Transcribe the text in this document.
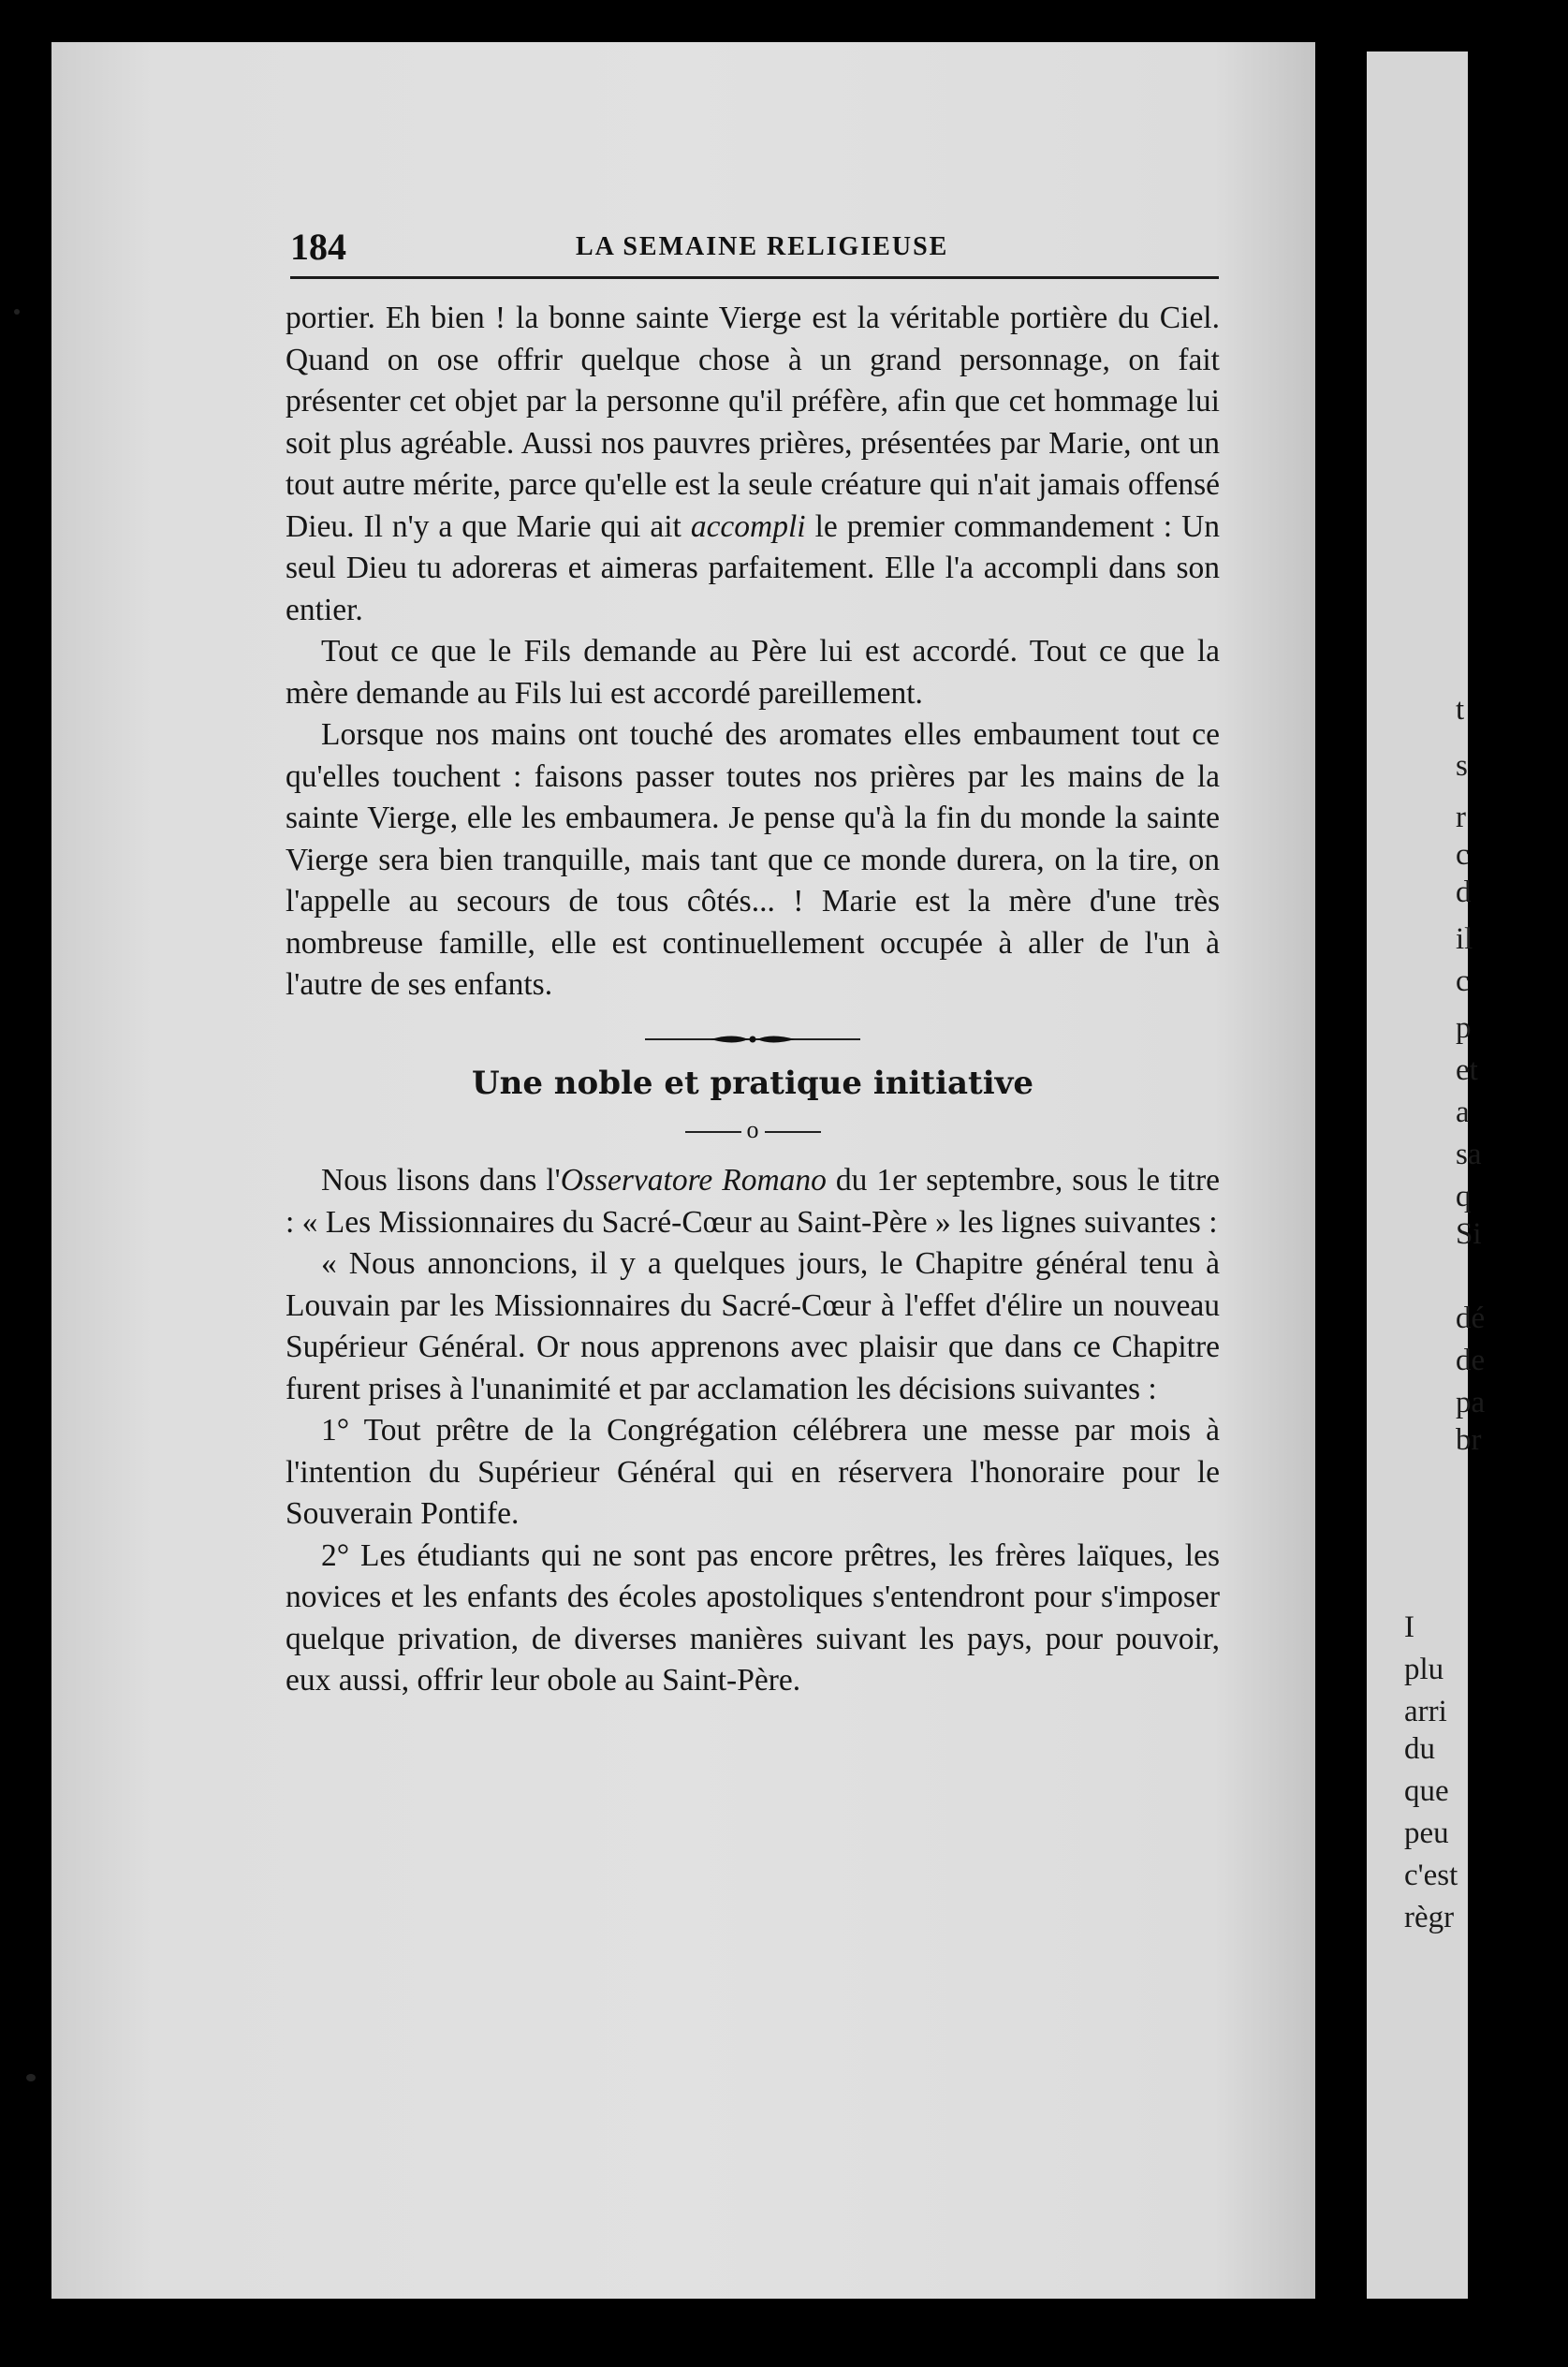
t
s
r
c
d
il
c
p
et
a
sa
q
Si
dé
de
pa
br
I
plu
arri
du
que
peu
c'est
règr
184	LA SEMAINE RELIGIEUSE

portier. Eh bien ! la bonne sainte Vierge est la véritable portière du Ciel. Quand on ose offrir quelque chose à un grand personnage, on fait présenter cet objet par la personne qu'il préfère, afin que cet hommage lui soit plus agréable. Aussi nos pauvres prières, présentées par Marie, ont un tout autre mérite, parce qu'elle est la seule créature qui n'ait jamais offensé Dieu. Il n'y a que Marie qui ait accompli le premier commandement : Un seul Dieu tu adoreras et aimeras parfaitement. Elle l'a accompli dans son entier.

Tout ce que le Fils demande au Père lui est accordé. Tout ce que la mère demande au Fils lui est accordé pareillement.

Lorsque nos mains ont touché des aromates elles embaument tout ce qu'elles touchent : faisons passer toutes nos prières par les mains de la sainte Vierge, elle les embaumera. Je pense qu'à la fin du monde la sainte Vierge sera bien tranquille, mais tant que ce monde durera, on la tire, on l'appelle au secours de tous côtés... ! Marie est la mère d'une très nombreuse famille, elle est continuellement occupée à aller de l'un à l'autre de ses enfants.

Une noble et pratique initiative
o

Nous lisons dans l'Osservatore Romano du 1er septembre, sous le titre : « Les Missionnaires du Sacré-Cœur au Saint-Père » les lignes suivantes :

« Nous annoncions, il y a quelques jours, le Chapitre général tenu à Louvain par les Missionnaires du Sacré-Cœur à l'effet d'élire un nouveau Supérieur Général. Or nous apprenons avec plaisir que dans ce Chapitre furent prises à l'unanimité et par acclamation les décisions suivantes :

1° Tout prêtre de la Congrégation célébrera une messe par mois à l'intention du Supérieur Général qui en réservera l'honoraire pour le Souverain Pontife.

2° Les étudiants qui ne sont pas encore prêtres, les frères laïques, les novices et les enfants des écoles apostoliques s'entendront pour s'imposer quelque privation, de diverses manières suivant les pays, pour pouvoir, eux aussi, offrir leur obole au Saint-Père.
